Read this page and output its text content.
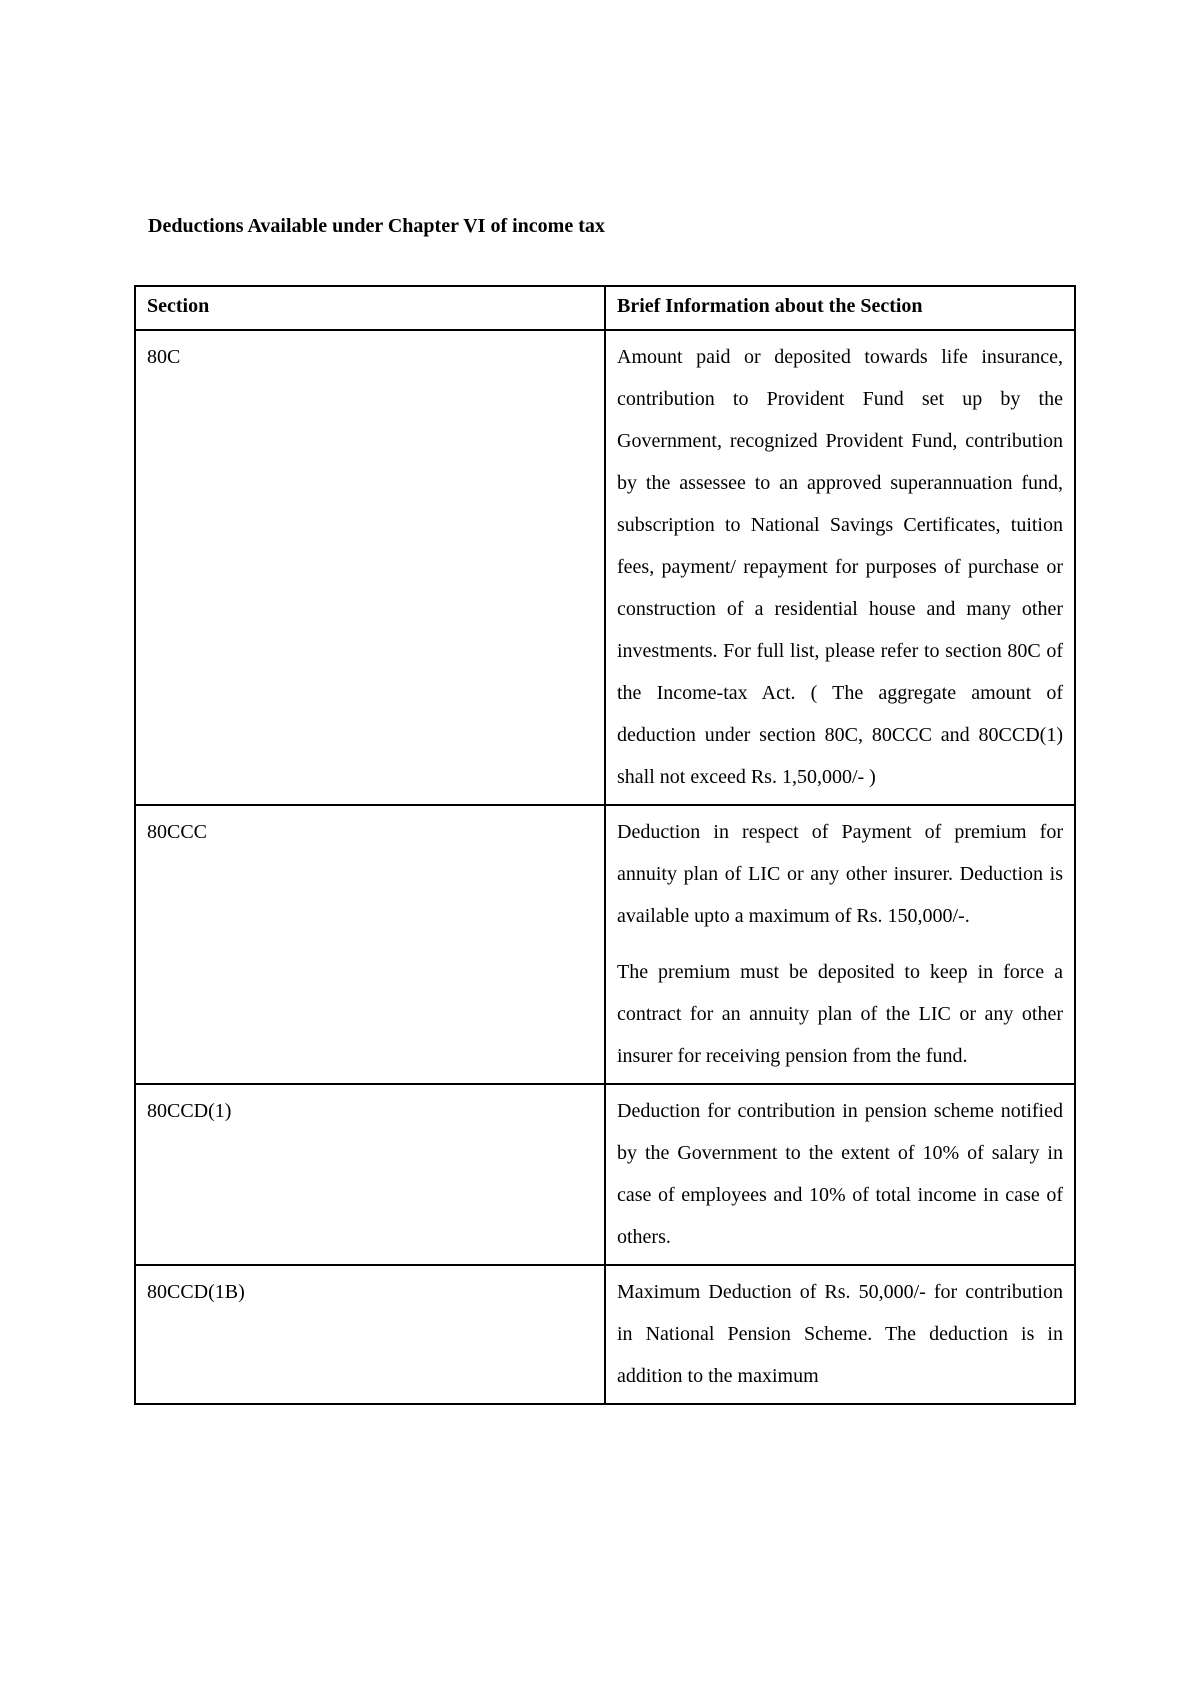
Deductions Available under Chapter VI of income tax
Section	Brief Information about the Section
80C	Amount paid or deposited towards life insurance, contribution to Provident Fund set up by the Government, recognized Provident Fund, contribution by the assessee to an approved superannuation fund, subscription to National Savings Certificates, tuition fees, payment/ repayment for purposes of purchase or construction of a residential house and many other investments. For full list, please refer to section 80C of the Income-tax Act. ( The aggregate amount of deduction under section 80C, 80CCC and 80CCD(1) shall not exceed Rs. 1,50,000/- )

80CCC	Deduction in respect of Payment of premium for annuity plan of LIC or any other insurer. Deduction is available upto a maximum of Rs. 150,000/-.

The premium must be deposited to keep in force a contract for an annuity plan of the LIC or any other insurer for receiving pension from the fund.

80CCD(1)	Deduction for contribution in pension scheme notified by the Government to the extent of 10% of salary in case of employees and 10% of total income in case of others.

80CCD(1B)	Maximum Deduction of Rs. 50,000/- for contribution in National Pension Scheme. The deduction is in addition to the maximum
